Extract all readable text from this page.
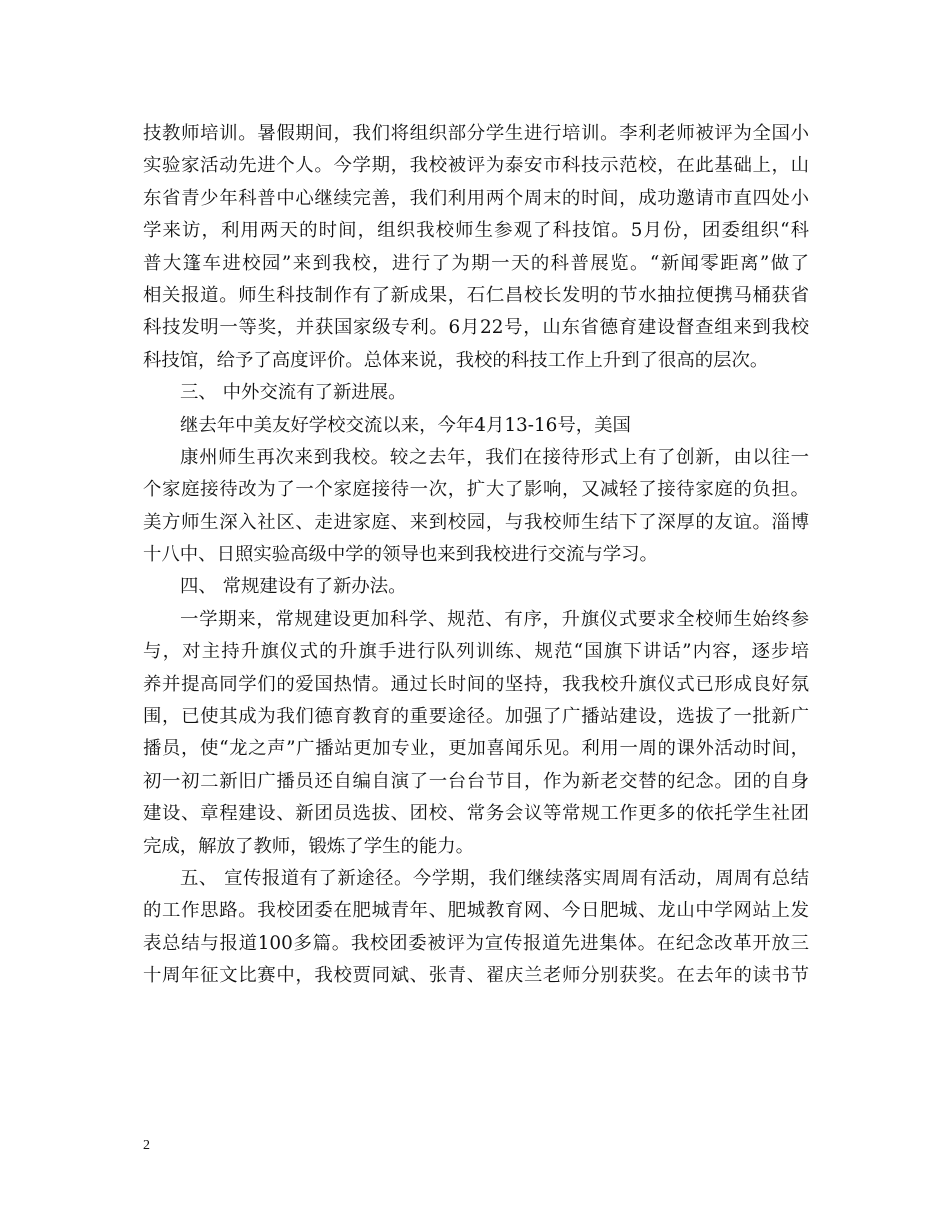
技教师培训。暑假期间，我们将组织部分学生进行培训。李利老师被评为全国小
实验家活动先进个人。今学期，我校被评为泰安市科技示范校，在此基础上，山
东省青少年科普中心继续完善，我们利用两个周末的时间，成功邀请市直四处小
学来访，利用两天的时间，组织我校师生参观了科技馆。5月份，团委组织“科
普大篷车进校园”来到我校，进行了为期一天的科普展览。“新闻零距离”做了
相关报道。师生科技制作有了新成果，石仁昌校长发明的节水抽拉便携马桶获省
科技发明一等奖，并获国家级专利。6月22号，山东省德育建设督查组来到我校
科技馆，给予了高度评价。总体来说，我校的科技工作上升到了很高的层次。
三、 中外交流有了新进展。
继去年中美友好学校交流以来，今年4月13-16号，美国
康州师生再次来到我校。较之去年，我们在接待形式上有了创新，由以往一
个家庭接待改为了一个家庭接待一次，扩大了影响，又减轻了接待家庭的负担。
美方师生深入社区、走进家庭、来到校园，与我校师生结下了深厚的友谊。淄博
十八中、日照实验高级中学的领导也来到我校进行交流与学习。
四、 常规建设有了新办法。
一学期来，常规建设更加科学、规范、有序，升旗仪式要求全校师生始终参
与，对主持升旗仪式的升旗手进行队列训练、规范“国旗下讲话”内容，逐步培
养并提高同学们的爱国热情。通过长时间的坚持，我我校升旗仪式已形成良好氛
围，已使其成为我们德育教育的重要途径。加强了广播站建设，选拔了一批新广
播员，使“龙之声”广播站更加专业，更加喜闻乐见。利用一周的课外活动时间，
初一初二新旧广播员还自编自演了一台台节目，作为新老交替的纪念。团的自身
建设、章程建设、新团员选拔、团校、常务会议等常规工作更多的依托学生社团
完成，解放了教师，锻炼了学生的能力。
五、 宣传报道有了新途径。今学期，我们继续落实周周有活动，周周有总结
的工作思路。我校团委在肥城青年、肥城教育网、今日肥城、龙山中学网站上发
表总结与报道100多篇。我校团委被评为宣传报道先进集体。在纪念改革开放三
十周年征文比赛中，我校贾同斌、张青、翟庆兰老师分别获奖。在去年的读书节
2
